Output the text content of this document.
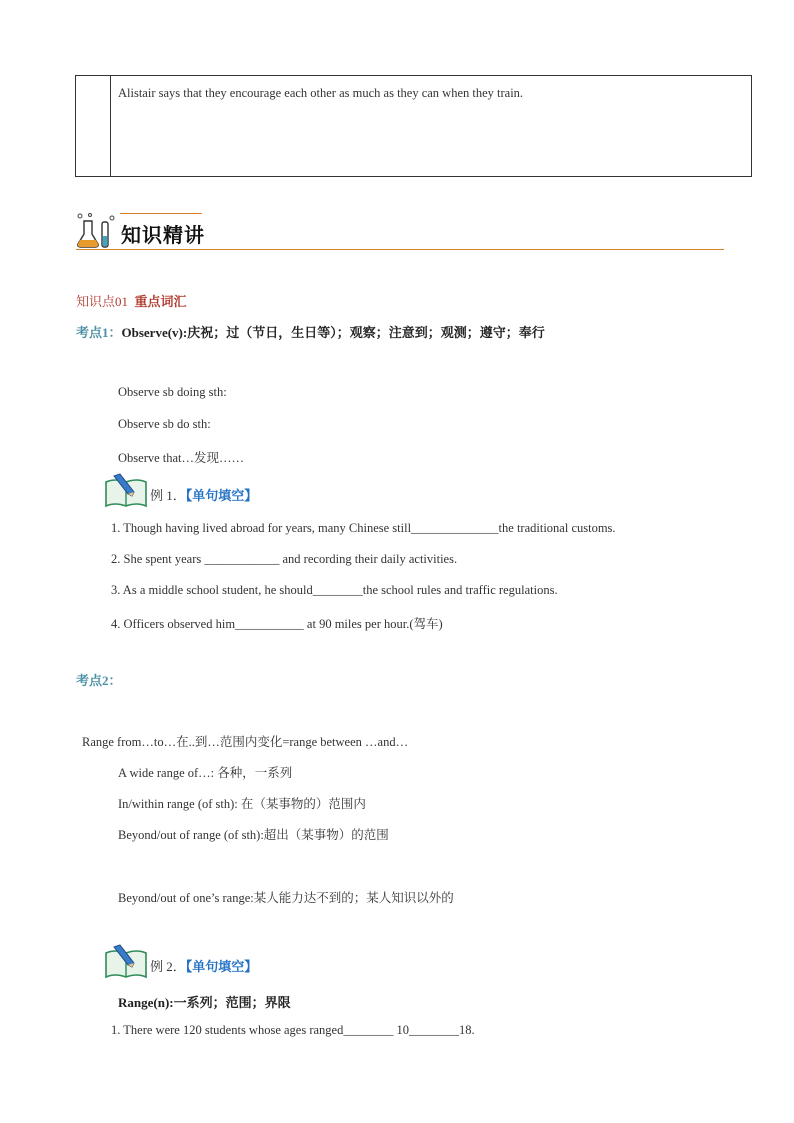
Alistair says that they encourage each other as much as they can when they train.
知识精讲
知识点01 重点词汇
考点1：Observe(v):庆祝；过（节日，生日等）；观察；注意到；观测；遵守；奉行
Observe sb doing sth:
Observe sb do sth:
Observe that…发现……
例 1．【单句填空】
1. Though having lived abroad for years, many Chinese still______________the traditional customs.
2. She spent years ____________ and recording their daily activities.
3. As a middle school student, he should________the school rules and traffic regulations.
4. Officers observed him___________ at 90 miles per hour.(驾车)
考点2：
Range from…to…在..到…范围内变化=range between …and…
A wide range of…: 各种，一系列
In/within range (of sth): 在（某事物的）范围内
Beyond/out of range (of sth):超出（某事物）的范围
Beyond/out of one’s range:某人能力达不到的；某人知识以外的
例 2．【单句填空】
Range(n):一系列；范围；界限
1. There were 120 students whose ages ranged________ 10________18.
